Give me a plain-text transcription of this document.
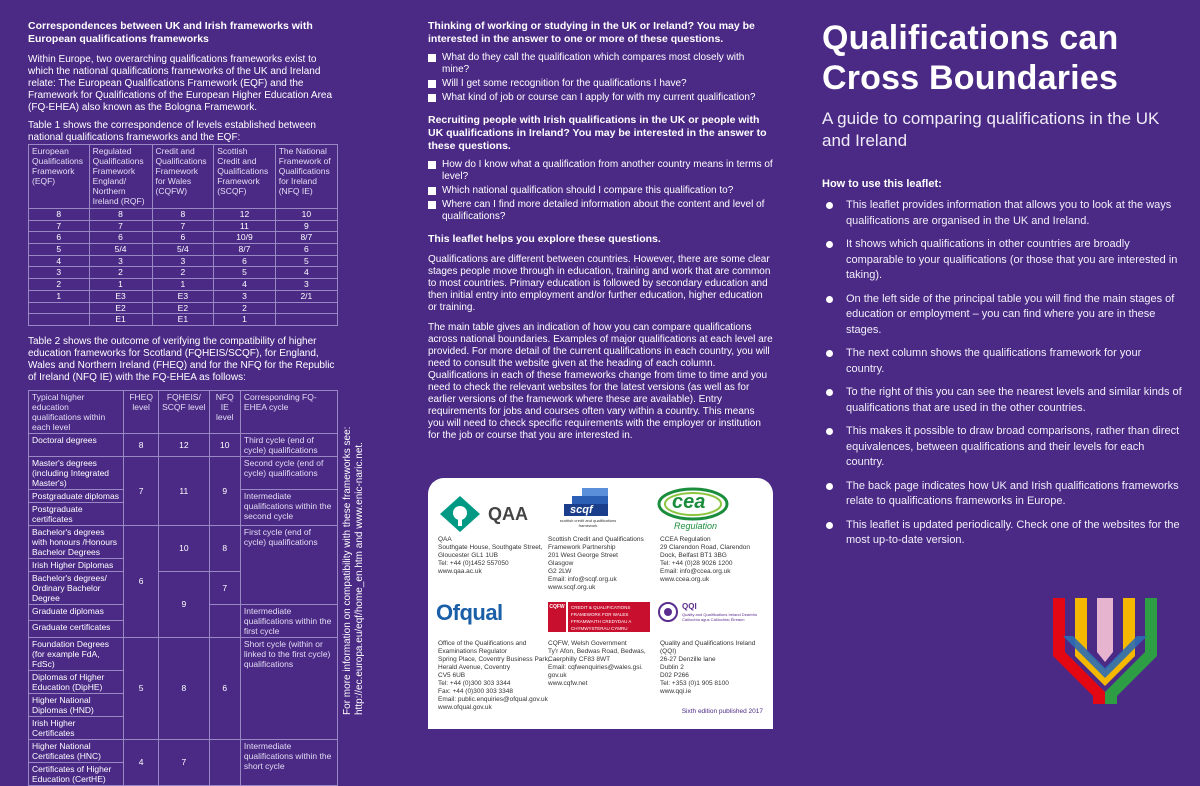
Correspondences between UK and Irish frameworks with European qualifications frameworks

Within Europe, two overarching qualifications frameworks exist to which the national qualifications frameworks of the UK and Ireland relate: The European Qualifications Framework (EQF) and the Framework for Qualifications of the European Higher Education Area (FQ-EHEA) also known as the Bologna Framework.

Table 1 shows the correspondence of levels established between national qualifications frameworks and the EQF:

European Qualifications Framework (EQF)	Regulated Qualifications Framework England/ Northern Ireland (RQF)	Credit and Qualifications Framework for Wales (CQFW)	Scottish Credit and Qualifications Framework (SCQF)	The National Framework of Qualifications for Ireland (NFQ IE)
8	8	8	12	10
7	7	7	11	9
6	6	6	10/9	8/7
5	5/4	5/4	8/7	6
4	3	3	6	5
3	2	2	5	4
2	1	1	4	3
1	E3	E3	3	2/1
	E2	E2	2	
	E1	E1	1	

Table 2 shows the outcome of verifying the compatibility of higher education frameworks for Scotland (FQHEIS/SCQF), for England, Wales and Northern Ireland (FHEQ) and for the NFQ for the Republic of Ireland (NFQ IE) with the FQ-EHEA as follows:

Typical higher education qualifications within each level	FHEQ level	FQHEIS/ SCQF level	NFQ IE level	Corresponding FQ-EHEA cycle
Doctoral degrees	8	12	10	Third cycle (end of cycle) qualifications
Master's degrees (including Integrated Master's)	7	11	9	Second cycle (end of cycle) qualifications
Postgraduate diplomas				Intermediate qualifications within the second cycle
Postgraduate certificates				
Bachelor's degrees with honours /Honours Bachelor Degrees	6	10	8	First cycle (end of cycle) qualifications
Irish Higher Diplomas				
Bachelor's degrees/ Ordinary Bachelor Degree		9	7	
Graduate diplomas				Intermediate qualifications within the first cycle
Graduate certificates				
Foundation Degrees (for example FdA, FdSc)	5	8	6	Short cycle (within or linked to the first cycle) qualifications
Diplomas of Higher Education (DipHE)				
Higher National Diplomas (HND)				
Irish Higher Certificates				
Higher National Certificates (HNC)	4	7		Intermediate qualifications within the short cycle
Certificates of Higher Education (CertHE)				
For more information on compatibility with these frameworks see: http://ec.europa.eu/eqf/home_en.htm and www.enic-naric.net.
Thinking of working or studying in the UK or Ireland? You may be interested in the answer to one or more of these questions.
What do they call the qualification which compares most closely with mine?
Will I get some recognition for the qualifications I have?
What kind of job or course can I apply for with my current qualification?
Recruiting people with Irish qualifications in the UK or people with UK qualifications in Ireland? You may be interested in the answer to these questions.
How do I know what a qualification from another country means in terms of level?
Which national qualification should I compare this qualification to?
Where can I find more detailed information about the content and level of qualifications?
This leaflet helps you explore these questions.

Qualifications are different between countries. However, there are some clear stages people move through in education, training and work that are common to most countries. Primary education is followed by secondary education and then initial entry into employment and/or further education, higher education or training.

The main table gives an indication of how you can compare qualifications across national boundaries. Examples of major qualifications at each level are provided. For more detail of the current qualifications in each country, you will need to consult the website given at the heading of each column. Qualifications in each of these frameworks change from time to time and you need to check the relevant websites for the latest versions (as well as for earlier versions of the framework where these are available). Entry requirements for jobs and courses often vary within a country. This means you will need to check specific requirements with the employer or institution for the job or course that you are interested in.

QAA	scqf
scottish credit and qualifications framework
cea
Regulation
QAA
Southgate House, Southgate Street,
Gloucester GL1 1UB
Tel: +44 (0)1452 557050
www.qaa.ac.uk
Scottish Credit and Qualifications
Framework Partnership
201 West George Street
Glasgow
G2 2LW
Email: info@scqf.org.uk
www.scqf.org.uk
CCEA Regulation
29 Clarendon Road, Clarendon
Dock, Belfast BT1 3BG
Tel: +44 (0)28 9026 1200
Email: info@ccea.org.uk
www.ccea.org.uk
Ofqual	CQFW	CREDIT & QUALIFICATIONS FRAMEWORK FOR WALES
FFRAMWAITH CREDYDAU A CHYMWYSTERAU CYMRU
QQI
Quality and Qualifications Ireland Dearbhú Cáilíochta agus Cáilíochtaí Éireann
Office of the Qualifications and
Examinations Regulator
Spring Place, Coventry Business Park,
Herald Avenue, Coventry
CV5 6UB
Tel: +44 (0)300 303 3344
Fax: +44 (0)300 303 3348
Email: public.enquiries@ofqual.gov.uk
www.ofqual.gov.uk
CQFW, Welsh Government
Ty'r Afon, Bedwas Road, Bedwas,
Caerphilly CF83 8WT
Email: cqfwenquiries@wales.gsi.
gov.uk
www.cqfw.net
Quality and Qualifications Ireland
(QQI)
26-27 Denzille lane
Dublin 2
D02 P266
Tel: +353 (0)1 905 8100
www.qqi.ie
Sixth edition published 2017
Qualifications can Cross Boundaries
A guide to comparing qualifications in the UK and Ireland
How to use this leaflet:
This leaflet provides information that allows you to look at the ways qualifications are organised in the UK and Ireland.
It shows which qualifications in other countries are broadly comparable to your qualifications (or those that you are interested in taking).
On the left side of the principal table you will find the main stages of education or employment – you can find where you are in these stages.
The next column shows the qualifications framework for your country.
To the right of this you can see the nearest levels and similar kinds of qualifications that are used in the other countries.
This makes it possible to draw broad comparisons, rather than direct equivalences, between qualifications and their levels for each country.
The back page indicates how UK and Irish qualifications frameworks relate to qualifications frameworks in Europe.
This leaflet is updated periodically. Check one of the websites for the most up-to-date version.
